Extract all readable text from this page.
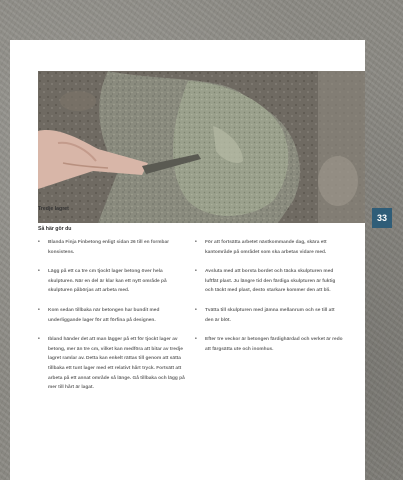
Tredje lagret
Så här gör du
• Blanda Finja Finbetong enligt sidan 26 till en formbar konsistens.
• Lägg på ett ca tre cm tjockt lager betong över hela skulpturen. När en del är klar kan ett nytt område på skulpturen påbörjas att arbeta med.
• Kom sedan tillbaka när betongen har bundit med underliggande lager för att förfina på designen.
• Ibland händer det att man lägger på ett för tjockt lager av betong, mer än tre cm, vilket kan medföra att bitar av tredje lagret ramlar av. Detta kan enkelt rättas till genom att sätta tillbaka ett tunt lager med ett relativt hårt tryck. Fortsätt att arbeta på ett annat område så länge. Gå tillbaka och lägg på mer till hårt är lagat.
• För att fortsätta arbetet nästkommande dag, skära ett kantområde på området som ska arbetas vidare med.
• Avsluta med att borsta bordet och täcka skulpturen med luftfät plast. Ju längre tid den färdiga skulpturen är fuktig och täckt med plast, desto starkare kommer den att bli.
• Tvätta till skulpturen med jämna mellanrum och se till att den är blöt.
• Efter tre veckor är betongen färdighärdad och verket är redo att färgsätta ute och inomhus.
33
